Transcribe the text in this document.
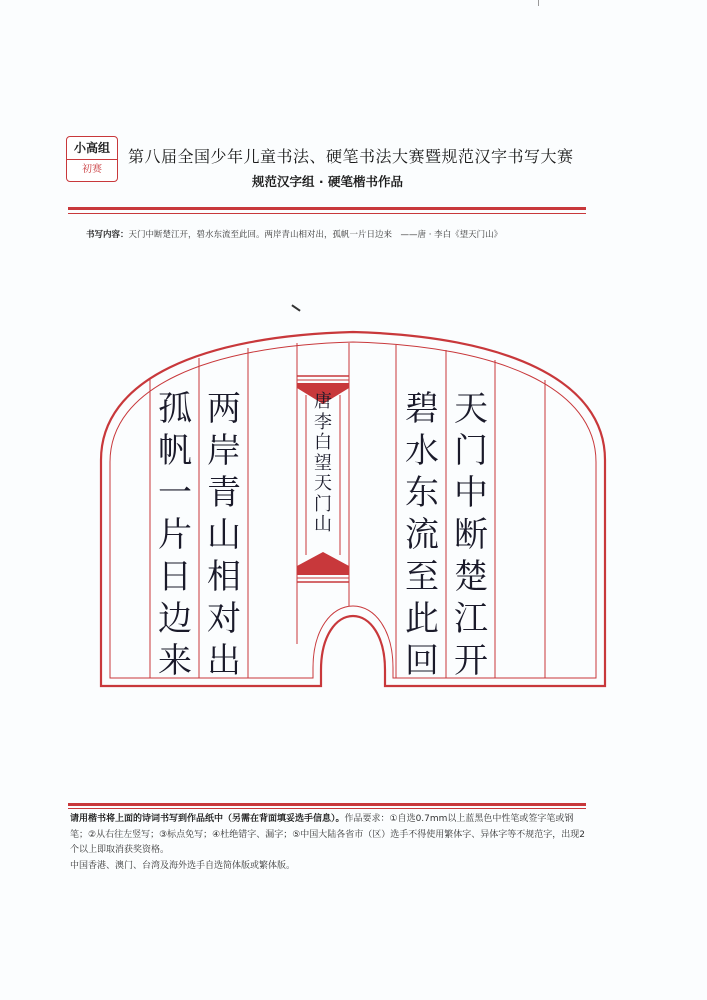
小高组
初赛
第八届全国少年儿童书法、硬笔书法大赛暨规范汉字书写大赛
规范汉字组 · 硬笔楷书作品
书写内容：天门中断楚江开，碧水东流至此回。两岸青山相对出，孤帆一片日边来　——唐 · 李白《望天门山》
天
门
中
断
楚
江
开
碧
水
东
流
至
此
回
两
岸
青
山
相
对
出
孤
帆
一
片
日
边
来
唐
李
白
望
天
门
山
请用楷书将上面的诗词书写到作品纸中（另需在背面填妥选手信息）。作品要求：①自选0.7mm以上蓝黑色中性笔或签字笔或钢笔；②从右往左竖写；③标点免写；④杜绝错字、漏字；⑤中国大陆各省市（区）选手不得使用繁体字、异体字等不规范字，出现2个以上即取消获奖资格。
中国香港、澳门、台湾及海外选手自选简体版或繁体版。
